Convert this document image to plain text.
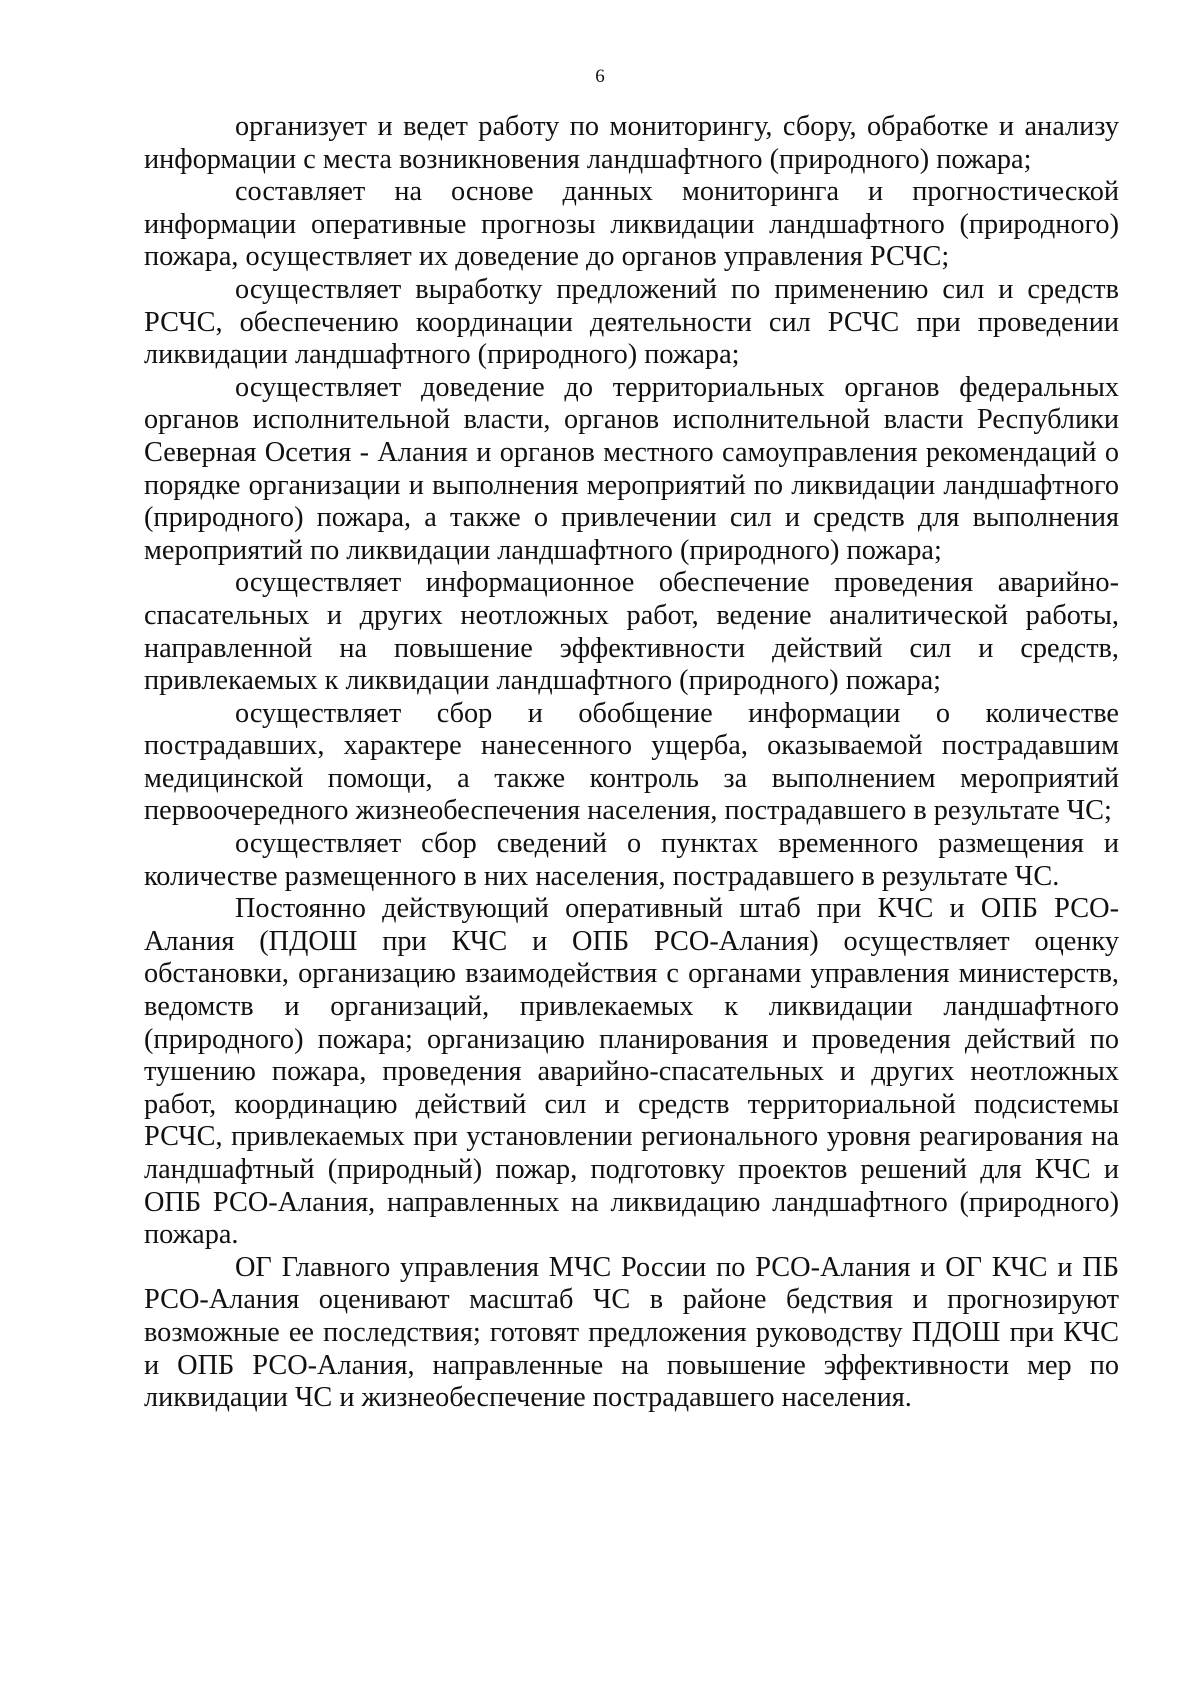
6

организует и ведет работу по мониторингу, сбору, обработке и анализу информации с места возникновения ландшафтного (природного) пожара;

составляет на основе данных мониторинга и прогностической информации оперативные прогнозы ликвидации ландшафтного (природного) пожара, осуществляет их доведение до органов управления РСЧС;

осуществляет выработку предложений по применению сил и средств РСЧС, обеспечению координации деятельности сил РСЧС при проведении ликвидации ландшафтного (природного) пожара;

осуществляет доведение до территориальных органов федеральных органов исполнительной власти, органов исполнительной власти Республики Северная Осетия - Алания и органов местного самоуправления рекомендаций о порядке организации и выполнения мероприятий по ликвидации ландшафтного (природного) пожара, а также о привлечении сил и средств для выполнения мероприятий по ликвидации ландшафтного (природного) пожара;

осуществляет информационное обеспечение проведения аварийно-спасательных и других неотложных работ, ведение аналитической работы, направленной на повышение эффективности действий сил и средств, привлекаемых к ликвидации ландшафтного (природного) пожара;

осуществляет сбор и обобщение информации о количестве пострадавших, характере нанесенного ущерба, оказываемой пострадавшим медицинской помощи, а также контроль за выполнением мероприятий первоочередного жизнеобеспечения населения, пострадавшего в результате ЧС;

осуществляет сбор сведений о пунктах временного размещения и количестве размещенного в них населения, пострадавшего в результате ЧС.

Постоянно действующий оперативный штаб при КЧС и ОПБ РСО-Алания (ПДОШ при КЧС и ОПБ РСО-Алания) осуществляет оценку обстановки, организацию взаимодействия с органами управления министерств, ведомств и организаций, привлекаемых к ликвидации ландшафтного (природного) пожара; организацию планирования и проведения действий по тушению пожара, проведения аварийно-спасательных и других неотложных работ, координацию действий сил и средств территориальной подсистемы РСЧС, привлекаемых при установлении регионального уровня реагирования на ландшафтный (природный) пожар, подготовку проектов решений для КЧС и ОПБ РСО-Алания, направленных на ликвидацию ландшафтного (природного) пожара.

ОГ Главного управления МЧС России по РСО-Алания и ОГ КЧС и ПБ РСО-Алания оценивают масштаб ЧС в районе бедствия и прогнозируют возможные ее последствия; готовят предложения руководству ПДОШ при КЧС и ОПБ РСО-Алания, направленные на повышение эффективности мер по ликвидации ЧС и жизнеобеспечение пострадавшего населения.
